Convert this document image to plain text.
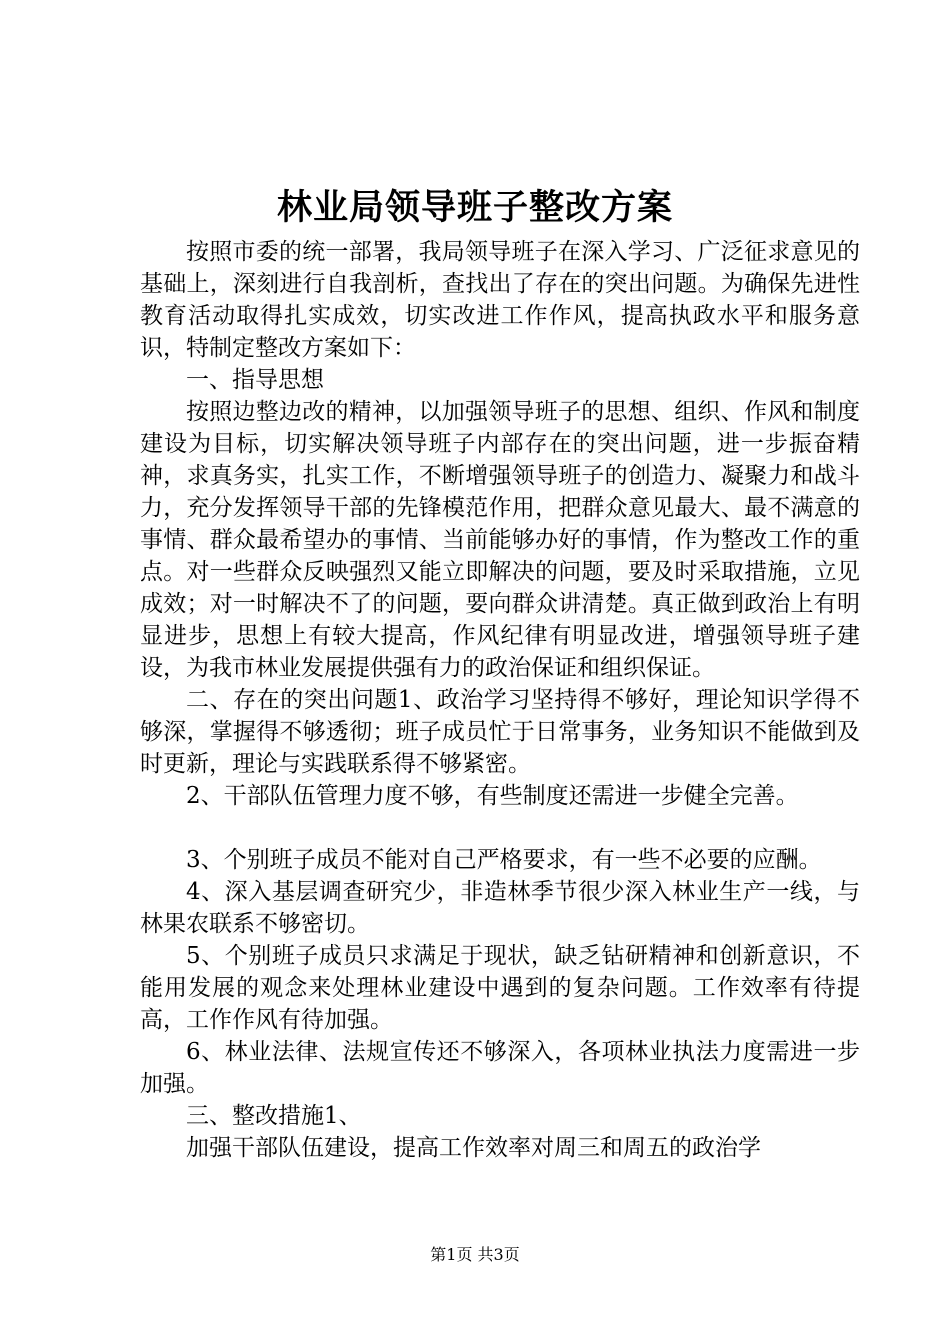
林业局领导班子整改方案

按照市委的统一部署，我局领导班子在深入学习、广泛征求意见的基础上，深刻进行自我剖析，查找出了存在的突出问题。为确保先进性教育活动取得扎实成效，切实改进工作作风，提高执政水平和服务意识，特制定整改方案如下：

一、指导思想

按照边整边改的精神，以加强领导班子的思想、组织、作风和制度建设为目标，切实解决领导班子内部存在的突出问题，进一步振奋精神，求真务实，扎实工作，不断增强领导班子的创造力、凝聚力和战斗力，充分发挥领导干部的先锋模范作用，把群众意见最大、最不满意的事情、群众最希望办的事情、当前能够办好的事情，作为整改工作的重点。对一些群众反映强烈又能立即解决的问题，要及时采取措施，立见成效；对一时解决不了的问题，要向群众讲清楚。真正做到政治上有明显进步，思想上有较大提高，作风纪律有明显改进，增强领导班子建设，为我市林业发展提供强有力的政治保证和组织保证。

二、存在的突出问题1、政治学习坚持得不够好，理论知识学得不够深，掌握得不够透彻；班子成员忙于日常事务，业务知识不能做到及时更新，理论与实践联系得不够紧密。

2、干部队伍管理力度不够，有些制度还需进一步健全完善。

3、个别班子成员不能对自己严格要求，有一些不必要的应酬。

4、深入基层调查研究少，非造林季节很少深入林业生产一线，与林果农联系不够密切。

5、个别班子成员只求满足于现状，缺乏钻研精神和创新意识，不能用发展的观念来处理林业建设中遇到的复杂问题。工作效率有待提高，工作作风有待加强。

6、林业法律、法规宣传还不够深入，各项林业执法力度需进一步加强。

三、整改措施1、

加强干部队伍建设，提高工作效率对周三和周五的政治学

第1页 共3页
